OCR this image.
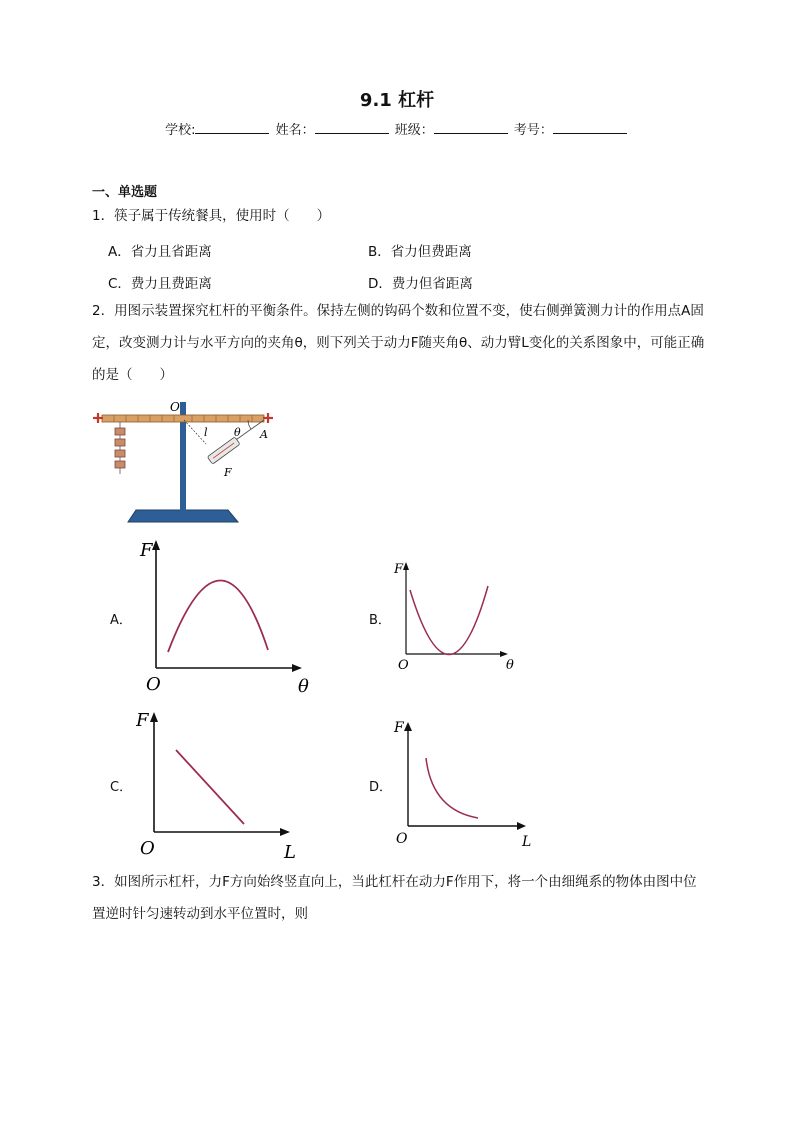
9.1 杠杆
学校:	姓名：	班级：	考号：
一、单选题
1．筷子属于传统餐具，使用时（　　）
A．省力且省距离	B．省力但费距离
C．费力且费距离	D．费力但省距离
2．用图示装置探究杠杆的平衡条件。保持左侧的钩码个数和位置不变，使右侧弹簧测力计的作用点A固定，改变测力计与水平方向的夹角θ，则下列关于动力F随夹角θ、动力臂L变化的关系图象中，可能正确的是（　　）
O
l θ A
F
A．
F
O	θ
B．
F
O	θ
C．
F
O	L
D．
F
O	L
3．如图所示杠杆，力F方向始终竖直向上，当此杠杆在动力F作用下，将一个由细绳系的物体由图中位置逆时针匀速转动到水平位置时，则
